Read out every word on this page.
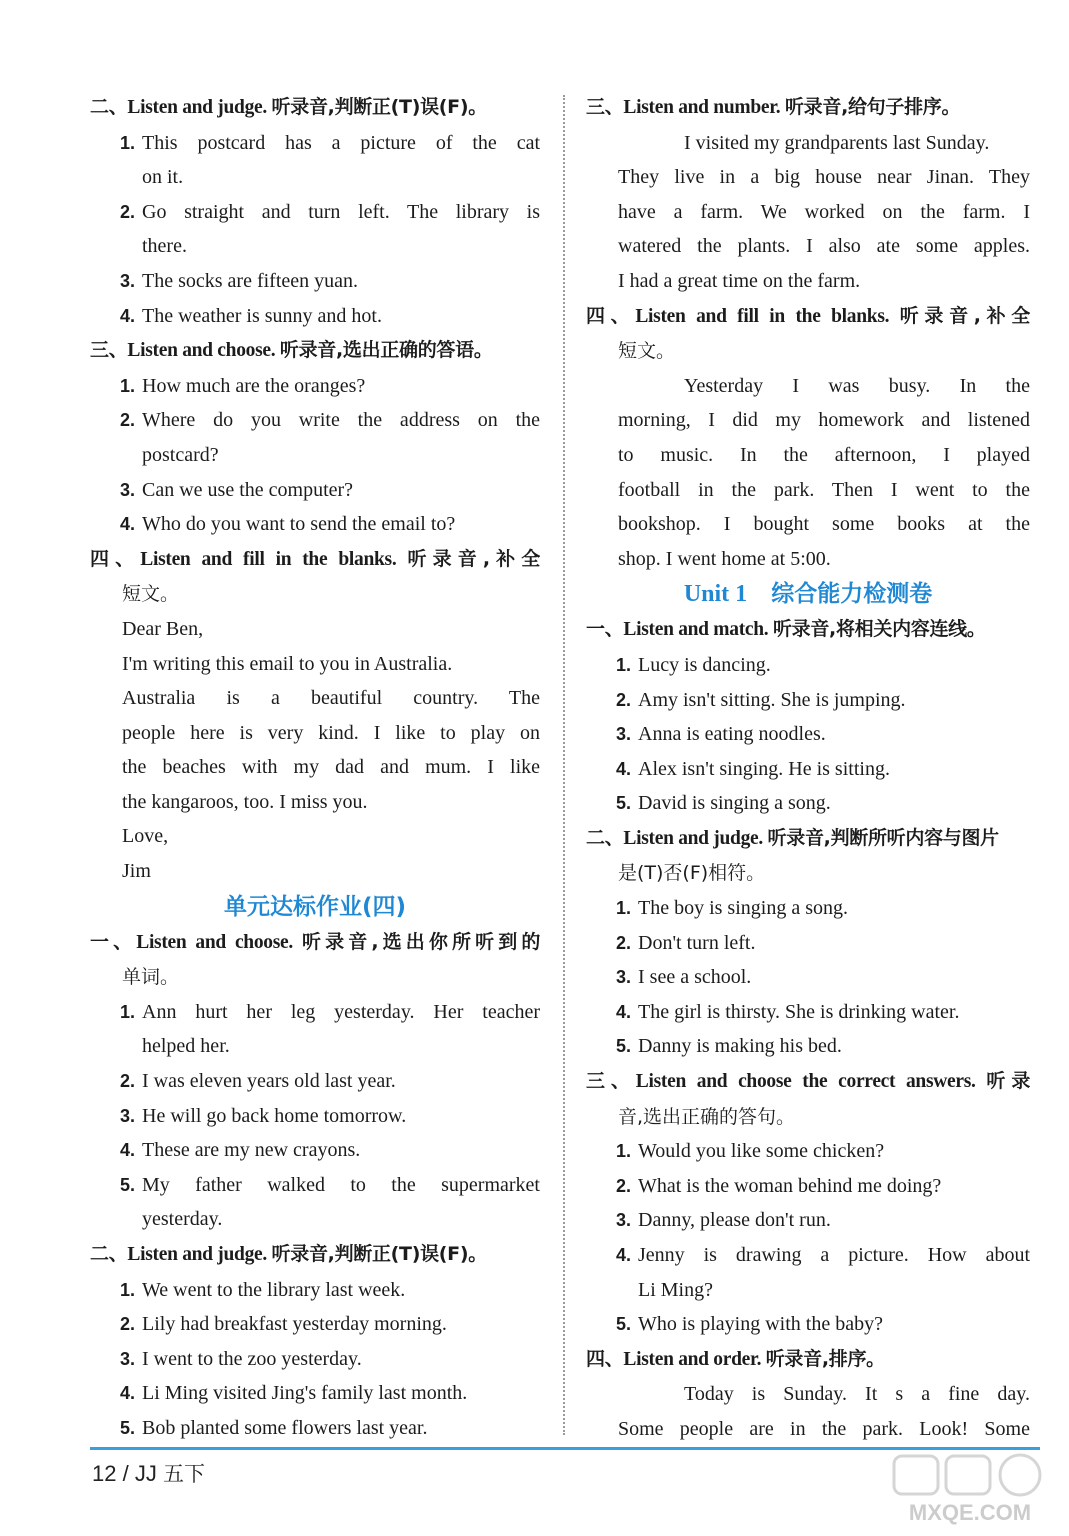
二、Listen and judge. 听录音,判断正(T)误(F)。
1. This postcard has a picture of the cat
on it.
2. Go straight and turn left. The library is
there.
3. The socks are fifteen yuan.
4. The weather is sunny and hot.
三、Listen and choose. 听录音,选出正确的答语。
1. How much are the oranges?
2. Where do you write the address on the
postcard?
3. Can we use the computer?
4. Who do you want to send the email to?
四、Listen and fill in the blanks. 听录音,补全
短文。
Dear Ben,
I'm writing this email to you in Australia.
Australia is a beautiful country. The
people here is very kind. I like to play on
the beaches with my dad and mum. I like
the kangaroos, too. I miss you.
Love,
Jim
单元达标作业(四)
一、Listen and choose. 听录音,选出你所听到的
单词。
1. Ann hurt her leg yesterday. Her teacher
helped her.
2. I was eleven years old last year.
3. He will go back home tomorrow.
4. These are my new crayons.
5. My father walked to the supermarket
yesterday.
二、Listen and judge. 听录音,判断正(T)误(F)。
1. We went to the library last week.
2. Lily had breakfast yesterday morning.
3. I went to the zoo yesterday.
4. Li Ming visited Jing's family last month.
5. Bob planted some flowers last year.
三、Listen and number. 听录音,给句子排序。
I visited my grandparents last Sunday.
They live in a big house near Jinan. They
have a farm. We worked on the farm. I
watered the plants. I also ate some apples.
I had a great time on the farm.
四、Listen and fill in the blanks. 听录音,补全
短文。
Yesterday I was busy. In the
morning, I did my homework and listened
to music. In the afternoon, I played
football in the park. Then I went to the
bookshop. I bought some books at the
shop. I went home at 5:00.
Unit 1 综合能力检测卷
一、Listen and match. 听录音,将相关内容连线。
1. Lucy is dancing.
2. Amy isn't sitting. She is jumping.
3. Anna is eating noodles.
4. Alex isn't singing. He is sitting.
5. David is singing a song.
二、Listen and judge. 听录音,判断所听内容与图片
是(T)否(F)相符。
1. The boy is singing a song.
2. Don't turn left.
3. I see a school.
4. The girl is thirsty. She is drinking water.
5. Danny is making his bed.
三、Listen and choose the correct answers. 听录
音,选出正确的答句。
1. Would you like some chicken?
2. What is the woman behind me doing?
3. Danny, please don't run.
4. Jenny is drawing a picture. How about
Li Ming?
5. Who is playing with the baby?
四、Listen and order. 听录音,排序。
Today is Sunday. It s a fine day.
Some people are in the park. Look! Some
12 / JJ 五下
MXQE.COM
